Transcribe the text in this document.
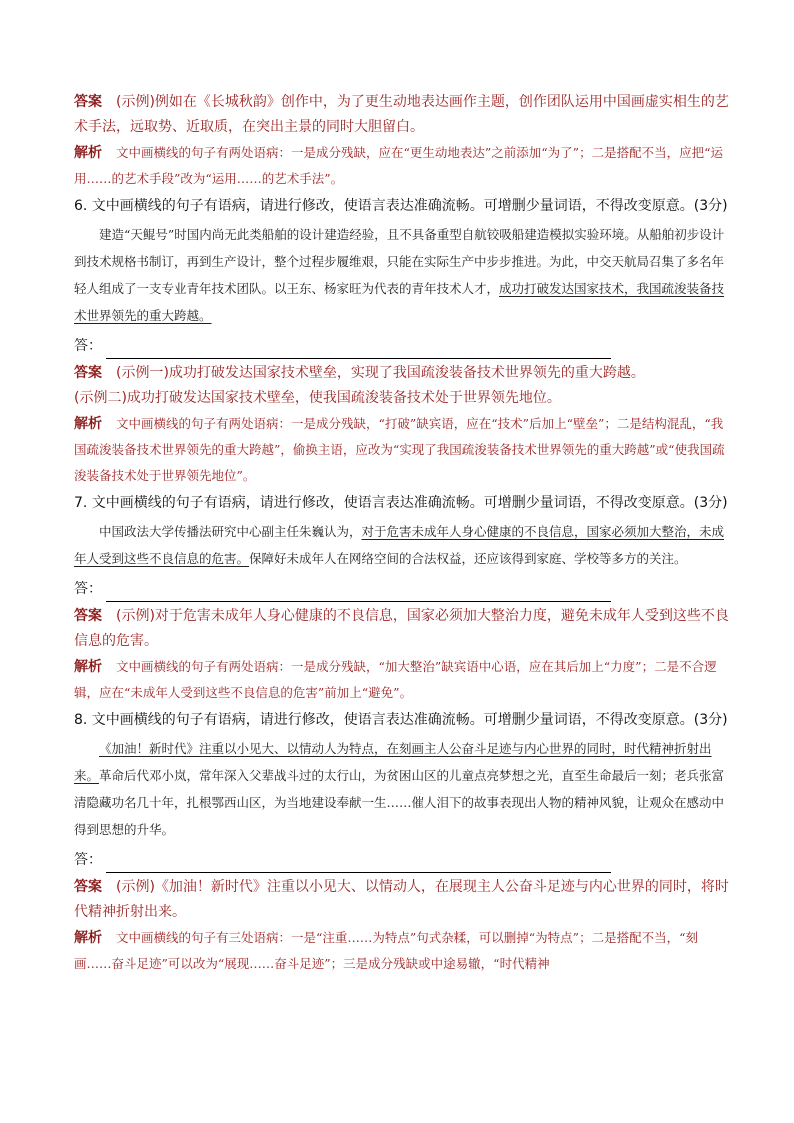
答案 (示例)例如在《长城秋韵》创作中，为了更生动地表达画作主题，创作团队运用中国画虚实相生的艺术手法，远取势、近取质，在突出主景的同时大胆留白。

解析 文中画横线的句子有两处语病：一是成分残缺，应在“更生动地表达”之前添加“为了”；二是搭配不当，应把“运用……的艺术手段”改为“运用……的艺术手法”。

6. 文中画横线的句子有语病，请进行修改，使语言表达准确流畅。可增删少量词语，不得改变原意。(3分)

建造“天鲲号”时国内尚无此类船舶的设计建造经验，且不具备重型自航铰吸船建造模拟实验环境。从船舶初步设计到技术规格书制订，再到生产设计，整个过程步履维艰，只能在实际生产中步步推进。为此，中交天航局召集了多名年轻人组成了一支专业青年技术团队。以王东、杨家旺为代表的青年技术人才，成功打破发达国家技术，我国疏浚装备技术世界领先的重大跨越。

答：

答案 (示例一)成功打破发达国家技术壁垒，实现了我国疏浚装备技术世界领先的重大跨越。

(示例二)成功打破发达国家技术壁垒，使我国疏浚装备技术处于世界领先地位。

解析 文中画横线的句子有两处语病：一是成分残缺，“打破”缺宾语，应在“技术”后加上“壁垒”；二是结构混乱，“我国疏浚装备技术世界领先的重大跨越”，偷换主语，应改为“实现了我国疏浚装备技术世界领先的重大跨越”或“使我国疏浚装备技术处于世界领先地位”。

7. 文中画横线的句子有语病，请进行修改，使语言表达准确流畅。可增删少量词语，不得改变原意。(3分)

中国政法大学传播法研究中心副主任朱巍认为，对于危害未成年人身心健康的不良信息，国家必须加大整治，未成年人受到这些不良信息的危害。保障好未成年人在网络空间的合法权益，还应该得到家庭、学校等多方的关注。

答：

答案 (示例)对于危害未成年人身心健康的不良信息，国家必须加大整治力度，避免未成年人受到这些不良信息的危害。

解析 文中画横线的句子有两处语病：一是成分残缺，“加大整治”缺宾语中心语，应在其后加上“力度”；二是不合逻辑，应在“未成年人受到这些不良信息的危害”前加上“避免”。

8. 文中画横线的句子有语病，请进行修改，使语言表达准确流畅。可增删少量词语，不得改变原意。(3分)

《加油！新时代》注重以小见大、以情动人为特点，在刻画主人公奋斗足迹与内心世界的同时，时代精神折射出来。革命后代邓小岚，常年深入父辈战斗过的太行山，为贫困山区的儿童点亮梦想之光，直至生命最后一刻；老兵张富清隐藏功名几十年，扎根鄂西山区，为当地建设奉献一生……催人泪下的故事表现出人物的精神风貌，让观众在感动中得到思想的升华。

答：

答案 (示例)《加油！新时代》注重以小见大、以情动人，在展现主人公奋斗足迹与内心世界的同时，将时代精神折射出来。

解析 文中画横线的句子有三处语病：一是“注重……为特点”句式杂糅，可以删掉“为特点”；二是搭配不当，“刻画……奋斗足迹”可以改为“展现……奋斗足迹”；三是成分残缺或中途易辙，“时代精神
